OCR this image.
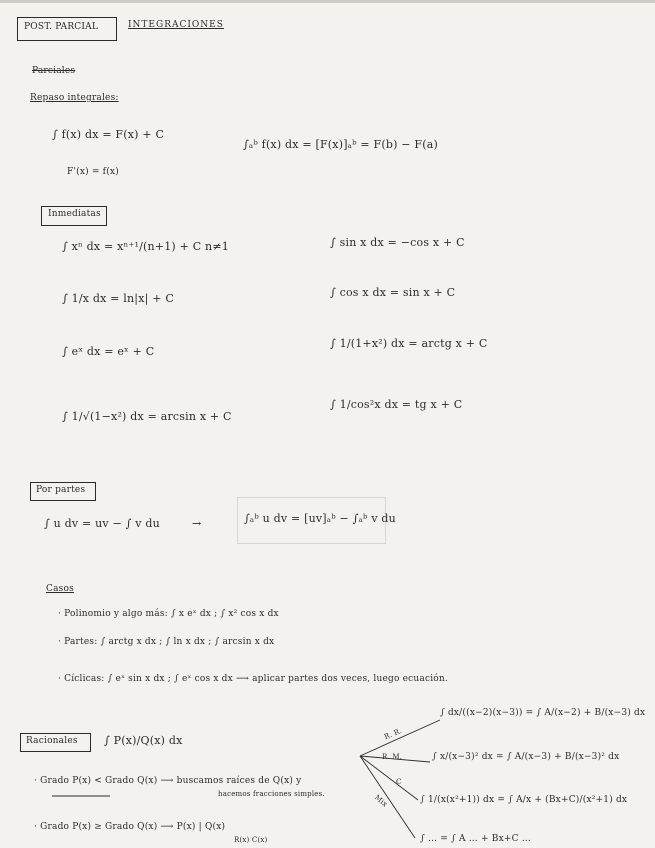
POST. PARCIAL	INTEGRACIONES
Parciales
Repaso integrales:
∫ f(x) dx = F(x) + C
∫ₐᵇ f(x) dx = [F(x)]ₐᵇ = F(b) − F(a)
F'(x) = f(x)
Inmediatas
∫ xⁿ dx = xⁿ⁺¹/(n+1) + C n≠1
∫ 1/x dx = ln|x| + C
∫ eˣ dx = eˣ + C
∫ 1/√(1−x²) dx = arcsin x + C
∫ sin x dx = −cos x + C
∫ cos x dx = sin x + C
∫ 1/(1+x²) dx = arctg x + C
∫ 1/cos²x dx = tg x + C
Por partes
∫ u dv = uv − ∫ v du	→	∫ₐᵇ u dv = [uv]ₐᵇ − ∫ₐᵇ v du
Casos
· Polinomio y algo más: ∫ x eˣ dx ; ∫ x² cos x dx
· Partes: ∫ arctg x dx ; ∫ ln x dx ; ∫ arcsin x dx
· Cíclicas: ∫ eˣ sin x dx ; ∫ eˣ cos x dx ⟶ aplicar partes dos veces, luego ecuación.
Racionales ∫ P(x)/Q(x) dx
· Grado P(x) < Grado Q(x) ⟶ buscamos raíces de Q(x) y
hacemos fracciones simples.
· Grado P(x) ≥ Grado Q(x) ⟶ P(x) | Q(x)
R(x) C(x)
R. R.
R. M.
C
Mix
∫ dx/((x−2)(x−3)) = ∫ A/(x−2) + B/(x−3) dx
∫ x/(x−3)² dx = ∫ A/(x−3) + B/(x−3)² dx
∫ 1/(x(x²+1)) dx = ∫ A/x + (Bx+C)/(x²+1) dx
∫ … = ∫ A … + Bx+C …
